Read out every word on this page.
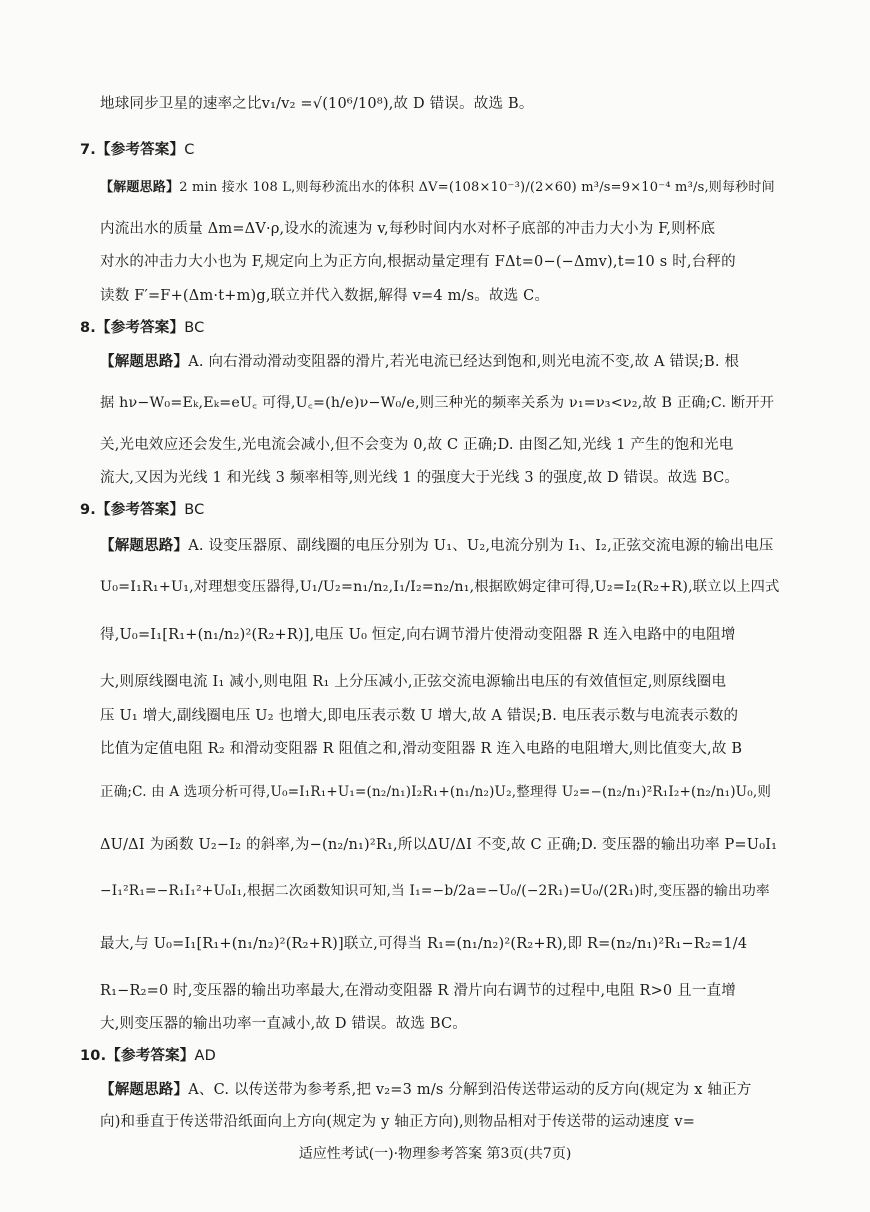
地球同步卫星的速率之比v₁/v₂ =√(10⁶/10⁸),故 D 错误。故选 B。
7.【参考答案】C
【解题思路】2 min 接水 108 L,则每秒流出水的体积 ΔV=(108×10⁻³)/(2×60) m³/s=9×10⁻⁴ m³/s,则每秒时间
内流出水的质量 Δm=ΔV·ρ,设水的流速为 v,每秒时间内水对杯子底部的冲击力大小为 F,则杯底
对水的冲击力大小也为 F,规定向上为正方向,根据动量定理有 FΔt=0−(−Δmv),t=10 s 时,台秤的
读数 F′=F+(Δm·t+m)g,联立并代入数据,解得 v=4 m/s。故选 C。
8.【参考答案】BC
【解题思路】A. 向右滑动滑动变阻器的滑片,若光电流已经达到饱和,则光电流不变,故 A 错误;B. 根
据 hν−W₀=Eₖ,Eₖ=eU꜀ 可得,U꜀=(h/e)ν−W₀/e,则三种光的频率关系为 ν₁=ν₃<ν₂,故 B 正确;C. 断开开
关,光电效应还会发生,光电流会减小,但不会变为 0,故 C 正确;D. 由图乙知,光线 1 产生的饱和光电
流大,又因为光线 1 和光线 3 频率相等,则光线 1 的强度大于光线 3 的强度,故 D 错误。故选 BC。
9.【参考答案】BC
【解题思路】A. 设变压器原、副线圈的电压分别为 U₁、U₂,电流分别为 I₁、I₂,正弦交流电源的输出电压
U₀=I₁R₁+U₁,对理想变压器得,U₁/U₂=n₁/n₂,I₁/I₂=n₂/n₁,根据欧姆定律可得,U₂=I₂(R₂+R),联立以上四式
得,U₀=I₁[R₁+(n₁/n₂)²(R₂+R)],电压 U₀ 恒定,向右调节滑片使滑动变阻器 R 连入电路中的电阻增
大,则原线圈电流 I₁ 减小,则电阻 R₁ 上分压减小,正弦交流电源输出电压的有效值恒定,则原线圈电
压 U₁ 增大,副线圈电压 U₂ 也增大,即电压表示数 U 增大,故 A 错误;B. 电压表示数与电流表示数的
比值为定值电阻 R₂ 和滑动变阻器 R 阻值之和,滑动变阻器 R 连入电路的电阻增大,则比值变大,故 B
正确;C. 由 A 选项分析可得,U₀=I₁R₁+U₁=(n₂/n₁)I₂R₁+(n₁/n₂)U₂,整理得 U₂=−(n₂/n₁)²R₁I₂+(n₂/n₁)U₀,则
ΔU/ΔI 为函数 U₂−I₂ 的斜率,为−(n₂/n₁)²R₁,所以ΔU/ΔI 不变,故 C 正确;D. 变压器的输出功率 P=U₀I₁
−I₁²R₁=−R₁I₁²+U₀I₁,根据二次函数知识可知,当 I₁=−b/2a=−U₀/(−2R₁)=U₀/(2R₁)时,变压器的输出功率
最大,与 U₀=I₁[R₁+(n₁/n₂)²(R₂+R)]联立,可得当 R₁=(n₁/n₂)²(R₂+R),即 R=(n₂/n₁)²R₁−R₂=1/4
R₁−R₂=0 时,变压器的输出功率最大,在滑动变阻器 R 滑片向右调节的过程中,电阻 R>0 且一直增
大,则变压器的输出功率一直减小,故 D 错误。故选 BC。
10.【参考答案】AD
【解题思路】A、C. 以传送带为参考系,把 v₂=3 m/s 分解到沿传送带运动的反方向(规定为 x 轴正方
向)和垂直于传送带沿纸面向上方向(规定为 y 轴正方向),则物品相对于传送带的运动速度 v=
适应性考试(一)·物理参考答案 第3页(共7页)
